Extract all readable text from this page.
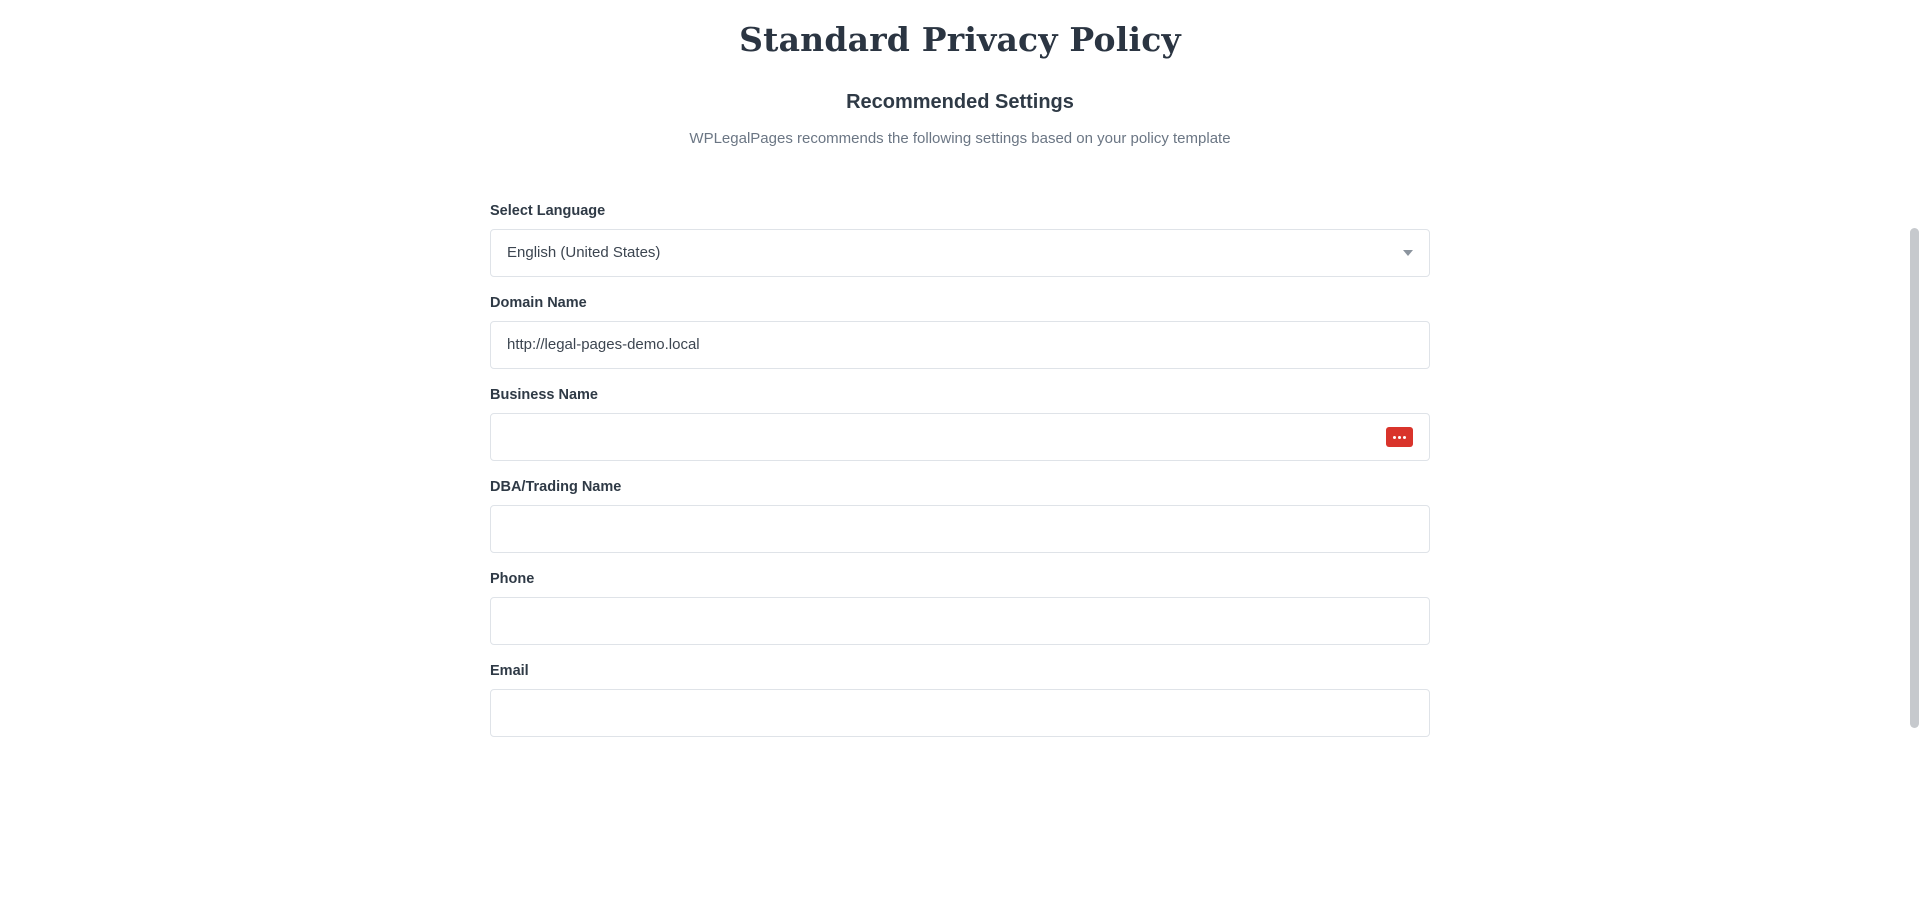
Standard Privacy Policy
Recommended Settings

WPLegalPages recommends the following settings based on your policy template

Select Language
English (United States)
Domain Name
http://legal-pages-demo.local
Business Name
DBA/Trading Name
Phone
Email
